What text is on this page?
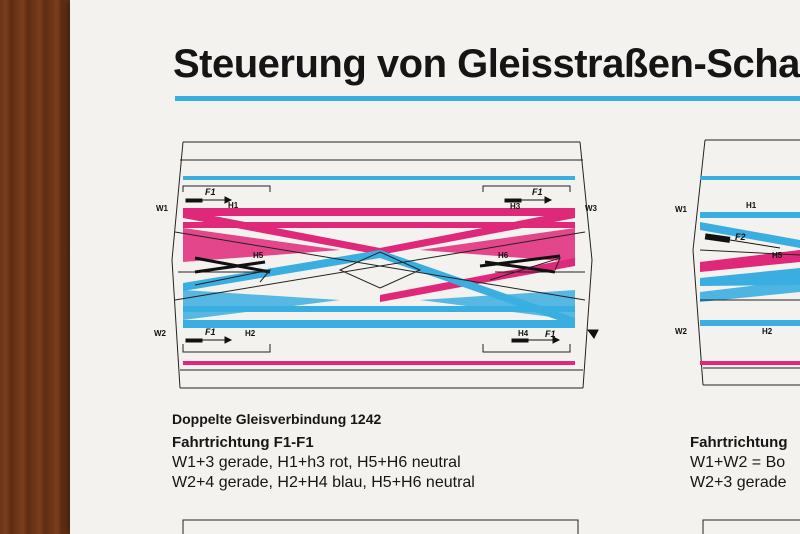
Steuerung von Gleisstraßen-Scha
W1
W2
W3
H1
H2
H3
H4
H5	H6
F1	F1
F1	F1
W1
W2
H1
H2
H5
F2
Doppelte Gleisverbindung 1242
Fahrtrichtung F1-F1
W1+3 gerade, H1+h3 rot, H5+H6 neutral
W2+4 gerade, H2+H4 blau, H5+H6 neutral
Fahrtrichtung
W1+W2 = Bo
W2+3 gerade
